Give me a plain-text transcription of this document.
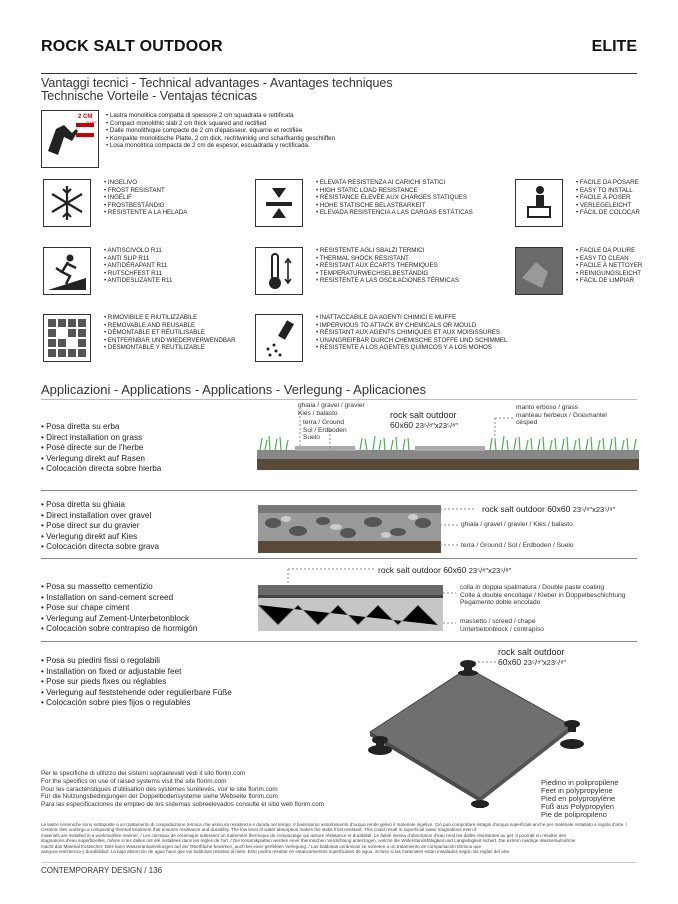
ROCK SALT OUTDOOR	ELITE
Vantaggi tecnici - Technical advantages - Avantages techniques
Technische Vorteile - Ventajas técnicas
2 CM
3/4"
• Lastra monolitica compatta di spessore 2 cm squadrata e rettificata
• Compact monolithic slab 2 cm thick squared and rectified
• Dalle monolithique compacte de 2 cm d'épaisseur, équarrie et rectifiée
• Kompakte monolitische Platte, 2 cm dick, rechtwinklig und scharfkantig geschliffen
• Losa monolítica compacta de 2 cm de espesor, escuadrada y rectificada.
• INGELIVO
• FROST RESISTANT
• INGÉLIF
• FROSTBESTÄNDIG
• RESISTENTE A LA HELADA
• ELEVATA RESISTENZA AI CARICHI STATICI
• HIGH STATIC LOAD RESISTANCE
• RÉSISTANCE ÉLEVÉE AUX CHARGES STATIQUES
• HOHE STATISCHE BELASTBARKEIT
• ELEVADA RESISTENCIA A LAS CARGAS ESTÁTICAS
• FACILE DA POSARE
• EASY TO INSTALL
• FACILE À POSER
• VERLEGELEICHT
• FÁCIL DE COLOCAR
• ANTISCIVOLO R11
• ANTI SLIP R11
• ANTIDÉRAPANT R11
• RUTSCHFEST R11
• ANTIDESLIZANTE R11
• RESISTENTE AGLI SBALZI TERMICI
• THERMAL SHOCK RESISTANT
• RÉSISTANT AUX ÉCARTS THERMIQUES
• TEMPERATURWECHSELBESTÄNDIG
• RESISTENTE A LAS OSCILACIONES TÉRMICAS
• FACILE DA PULIRE
• EASY TO CLEAN
• FACILE À NETTOYER
• REINIGUNGSLEICHT
• FÁCIL DE LIMPIAR
• RIMOVIBILE E RIUTILIZZABILE
• REMOVABLE AND REUSABLE
• DÉMONTABLE ET RÉUTILISABLE
• ENTFERNBAR UND WIEDERVERWENDBAR
• DESMONTABLE Y REUTILIZABLE
• INATTACCABILE DA AGENTI CHIMICI E MUFFE
• IMPERVIOUS TO ATTACK BY CHEMICALS OR MOULD
• RÉSISTANT AUX AGENTS CHIMIQUES ET AUX MOISISSURES
• UNANGREIFBAR DURCH CHEMISCHE STOFFE UND SCHIMMEL
• RESISTENTE A LOS AGENTES QUÍMICOS Y A LOS MOHOS
Applicazioni - Applications - Applications - Verlegung - Aplicaciones
• Posa diretta su erba
• Direct installation on grass
• Posé directe sur de l'herbe
• Verlegung direkt auf Rasen
• Colocación directa sobre hierba
ghiaia / gravel / gravier
Kies / balasto
terra / Ground
Sol / Erdboden
Suelo
rock salt outdoor
60x60 23⁵/⁸"x23⁵/⁸"
manto erboso / grass
manteau herbeux / Grasmantel
césped
• Posa diretta su ghiaia
• Direct installation over gravel
• Pose direct sur du gravier
• Verlegung direkt auf Kies
• Colocación directa sobre grava
rock salt outdoor 60x60 23⁵/⁸"x23⁵/⁸"
ghiaia / gravel / gravier / Kies / balasto
terra / Ground / Sol / Erdboden / Suelo
• Posa su massetto cementizio
• Installation on sand-cement screed
• Pose sur chape ciment
• Verlegung auf Zement-Unterbetonblock
• Colocación sobre contrapiso de hormigón
rock salt outdoor 60x60 23⁵/⁸"x23⁵/⁸"
colla in doppia spalmatura / Double paste coating
Colle à double encollage / Kleber in Doppelbeschichtung
Pegamento doble encolado
massetto / screed / chape
Unterbetonblock / contrapiso
• Posa su piedini fissi o regolabili
• Installation on fixed or adjustable feet
• Pose sur pieds fixes ou réglables
• Verlegung auf feststehende oder regulierbare Füße
• Colocación sobre pies fijos o regulables
rock salt outdoor
60x60 23⁵/⁸"x23⁵/⁸"
Piedino in polipropilene
Feet in polypropylene
Pied en polypropylène
Fuß aus Polypropylen
Pie de polipropileno
Per le specifiche di utilizzo dei sistemi sopraelevati vedi il sito florim.com
For the specifics on use of raised systems visit the site florim.com
Pour les caractéristiques d'utilisation des systèmes surélevés, voir le site florim.com
Für die Nutzungsbedingungen der Doppelbodensysteme siehe Webseite florim.com
Para las especificaciones de empleo de los sistemas sobreelevados consulte el sitio web florim.com
Le lastre ceramiche sono sottoposte a un trattamento di compattazione termica che assicura resistenza e durata nel tempo. Il bassissimo assorbimento d'acqua rende gelivo il materiale ingelivo. Ciò può comportare ristagni d'acqua superficiali anche per materiale installato a regola d'arte. / Ceramic tiles undergo a compacting thermal treatment that ensures resistance and durability. The low level of water absorption makes the slabs frost resistant. This could result in superficial water stagnations even if
materials are installed in a workmanlike manner. / Les carreaux de céramique subissent un traitement thermique de compactage qui assure résistance et durabilité. Le faible niveau d'absorption d'eau rend les dalles résistantes au gel. Il pourrait en résulter des
stagnations d'eau superficielles, même si les dalles ont été installées dans les règles de l'art. / Die Keramikplatten werden einer thermischen Verdichtung unterzogen, welche die Widerstandsfähigkeit und Langlebigkeit sichert. Die extrem niedrige Wasseraufnahme
macht das Material frostsicher. Dies kann Wasseransammlungen auf der Oberfläche bewirken, auch bei einer perfekten Verlegung. / Las baldosas cerámicas se someten a un tratamiento de compactación térmica que
asegura resistencia y durabilidad. La baja absorción de agua hace que las baldosas resistan al hielo. Esto podría resultar en estancamientos superficiales de agua, incluso si las materiales están instalados según las reglas del arte.
CONTEMPORARY DESIGN / 136
